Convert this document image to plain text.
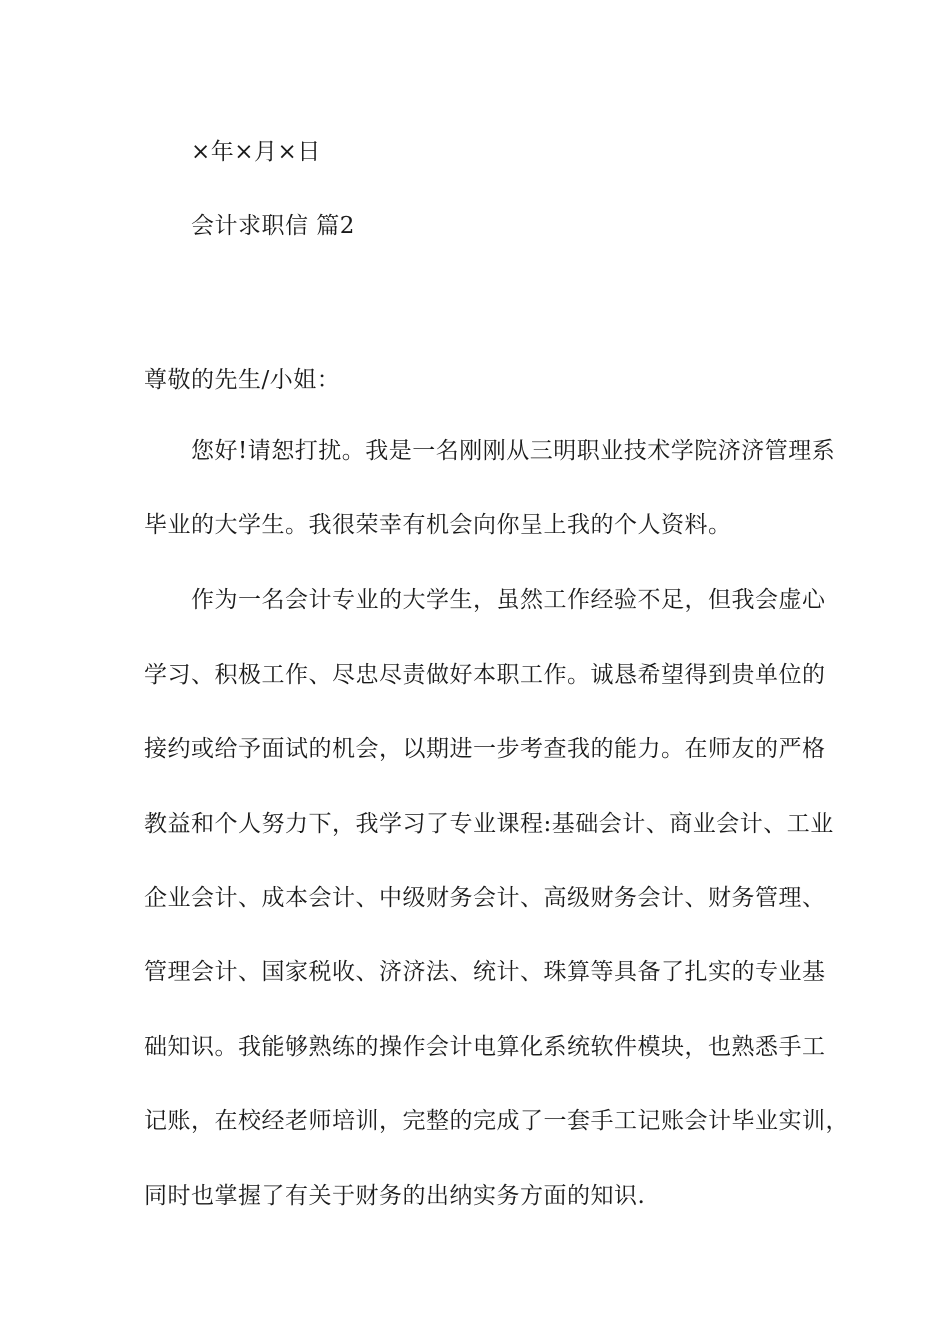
×年×月×日
会计求职信 篇2
尊敬的先生/小姐：
您好!请恕打扰。我是一名刚刚从三明职业技术学院济济管理系
毕业的大学生。我很荣幸有机会向你呈上我的个人资料。
作为一名会计专业的大学生，虽然工作经验不足，但我会虚心
学习、积极工作、尽忠尽责做好本职工作。诚恳希望得到贵单位的
接约或给予面试的机会，以期进一步考查我的能力。在师友的严格
教益和个人努力下，我学习了专业课程:基础会计、商业会计、工业
企业会计、成本会计、中级财务会计、高级财务会计、财务管理、
管理会计、国家税收、济济法、统计、珠算等具备了扎实的专业基
础知识。我能够熟练的操作会计电算化系统软件模块，也熟悉手工
记账，在校经老师培训，完整的完成了一套手工记账会计毕业实训，
同时也掌握了有关于财务的出纳实务方面的知识.
